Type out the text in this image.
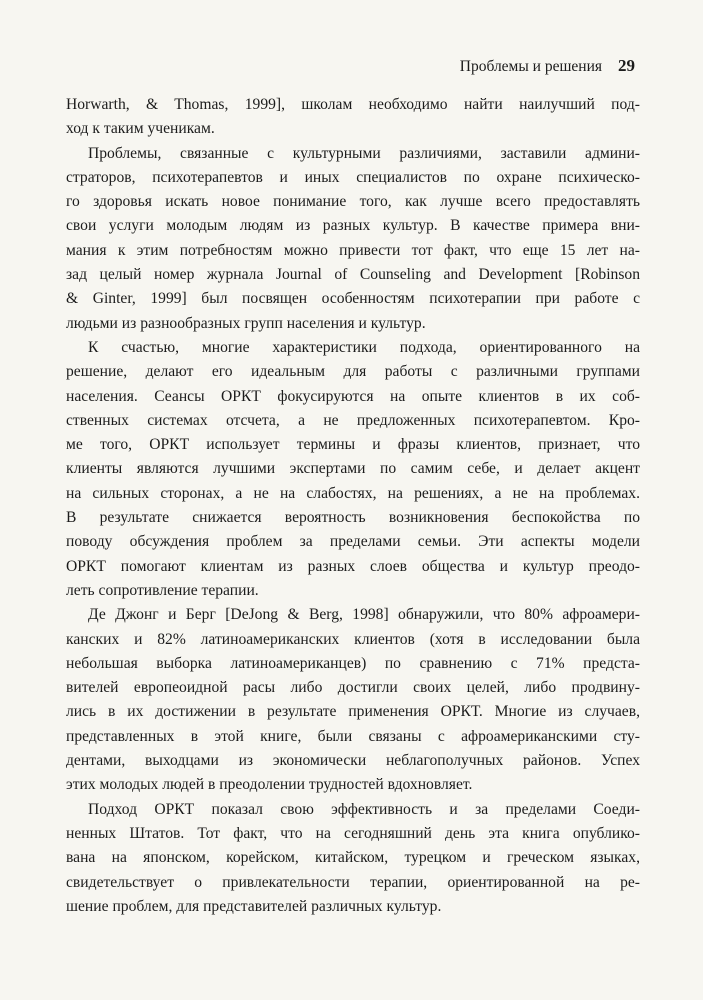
Проблемы и решения 29
Horwarth, & Thomas, 1999], школам необходимо найти наилучший под-
ход к таким ученикам.
Проблемы, связанные с культурными различиями, заставили админи-
страторов, психотерапевтов и иных специалистов по охране психическо-
го здоровья искать новое понимание того, как лучше всего предоставлять
свои услуги молодым людям из разных культур. В качестве примера вни-
мания к этим потребностям можно привести тот факт, что еще 15 лет на-
зад целый номер журнала Journal of Counseling and Development [Robinson
& Ginter, 1999] был посвящен особенностям психотерапии при работе с
людьми из разнообразных групп населения и культур.
К счастью, многие характеристики подхода, ориентированного на
решение, делают его идеальным для работы с различными группами
населения. Сеансы ОРКТ фокусируются на опыте клиентов в их соб-
ственных системах отсчета, а не предложенных психотерапевтом. Кро-
ме того, ОРКТ использует термины и фразы клиентов, признает, что
клиенты являются лучшими экспертами по самим себе, и делает акцент
на сильных сторонах, а не на слабостях, на решениях, а не на проблемах.
В результате снижается вероятность возникновения беспокойства по
поводу обсуждения проблем за пределами семьи. Эти аспекты модели
ОРКТ помогают клиентам из разных слоев общества и культур преодо-
леть сопротивление терапии.
Де Джонг и Берг [DeJong & Berg, 1998] обнаружили, что 80% афроамери-
канских и 82% латиноамериканских клиентов (хотя в исследовании была
небольшая выборка латиноамериканцев) по сравнению с 71% предста-
вителей европеоидной расы либо достигли своих целей, либо продвину-
лись в их достижении в результате применения ОРКТ. Многие из случаев,
представленных в этой книге, были связаны с афроамериканскими сту-
дентами, выходцами из экономически неблагополучных районов. Успех
этих молодых людей в преодолении трудностей вдохновляет.
Подход ОРКТ показал свою эффективность и за пределами Соеди-
ненных Штатов. Тот факт, что на сегодняшний день эта книга опублико-
вана на японском, корейском, китайском, турецком и греческом языках,
свидетельствует о привлекательности терапии, ориентированной на ре-
шение проблем, для представителей различных культур.
